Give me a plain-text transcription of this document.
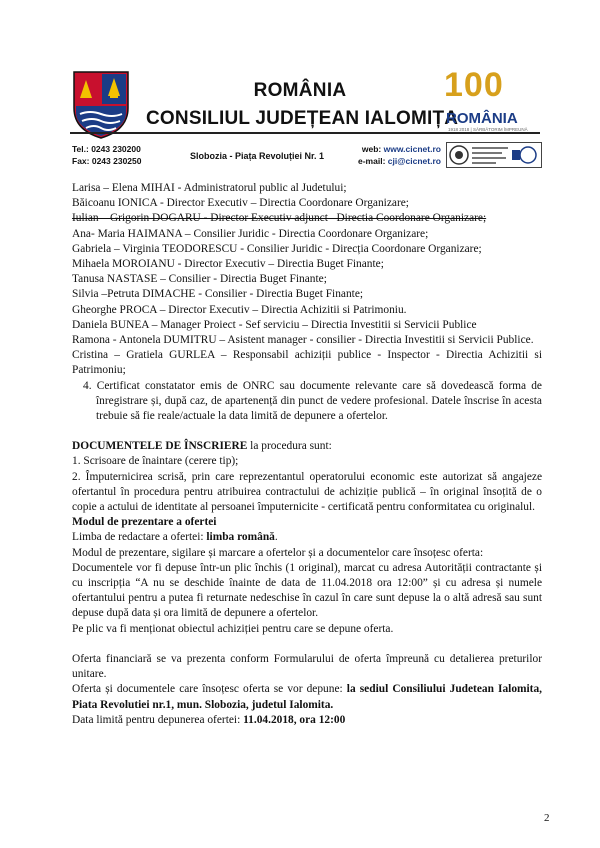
ROMÂNIA
CONSILIUL JUDEȚEAN IALOMIȚA
100
ROMÂNIA
1918 2018 | SĂRBĂTORIM ÎMPREUNĂ
Tel.: 0243 230200
Fax: 0243 230250	Slobozia - Piața Revoluției Nr. 1
web: www.cicnet.ro
e-mail: cji@cicnet.ro

Larisa – Elena MIHAI - Administratorul public al Judetului;

Băicoanu IONICA - Director Executiv – Directia Coordonare Organizare;

Iulian – Grigorin DOGARU - Director Executiv adjunct– Directia Coordonare Organizare;

Ana- Maria HAIMANA – Consilier Juridic - Directia Coordonare Organizare;

Gabriela – Virginia TEODORESCU - Consilier Juridic - Direcția Coordonare Organizare;

Mihaela MOROIANU - Director Executiv – Directia Buget Finante;

Tanusa NASTASE – Consilier - Directia Buget Finante;

Silvia –Petruta DIMACHE - Consilier - Directia Buget Finante;

Gheorghe PROCA – Director Executiv – Directia Achizitii si Patrimoniu.

Daniela BUNEA – Manager Proiect - Sef serviciu – Directia Investitii si Servicii Publice

Ramona - Antonela DUMITRU – Asistent manager - consilier - Directia Investitii si Servicii Publice.

Cristina – Gratiela GURLEA – Responsabil achiziții publice - Inspector - Directia Achizitii si Patrimoniu;

4. Certificat constatator emis de ONRC sau documente relevante care să dovedească forma de înregistrare și, după caz, de apartenență din punct de vedere profesional. Datele înscrise în acesta trebuie să fie reale/actuale la data limită de depunere a ofertelor.

DOCUMENTELE DE ÎNSCRIERE la procedura sunt:

1. Scrisoare de înaintare (cerere tip);

2. Împuternicirea scrisă, prin care reprezentantul operatorului economic este autorizat să angajeze ofertantul în procedura pentru atribuirea contractului de achiziție publică – în original însoțită de o copie a actului de identitate al persoanei împuternicite - certificată pentru conformitatea cu originalul.

Modul de prezentare a ofertei

Limba de redactare a ofertei: limba română.

Modul de prezentare, sigilare și marcare a ofertelor și a documentelor care însoțesc oferta:

Documentele vor fi depuse într-un plic închis (1 original), marcat cu adresa Autorității contractante și cu inscripția “A nu se deschide înainte de data de 11.04.2018 ora 12:00” și cu adresa și numele ofertantului pentru a putea fi returnate nedeschise în cazul în care sunt depuse la o altă adresă sau sunt depuse după data și ora limită de depunere a ofertelor.

Pe plic va fi menționat obiectul achiziției pentru care se depune oferta.

Oferta financiară se va prezenta conform Formularului de oferta împreună cu detalierea preturilor unitare.

Oferta și documentele care însoțesc oferta se vor depune: la sediul Consiliului Judetean Ialomita, Piata Revolutiei nr.1, mun. Slobozia, judetul Ialomita.

Data limită pentru depunerea ofertei: 11.04.2018, ora 12:00

2
